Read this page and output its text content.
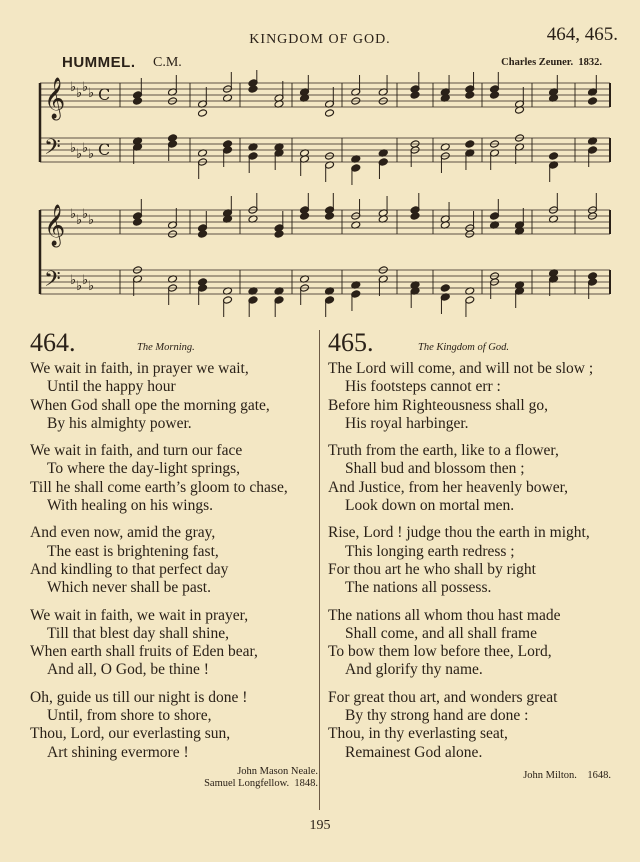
KINGDOM OF GOD.	464, 465.
HUMMEL. C.M.	Charles Zeuner. 1832.
𝄞 ♭ ♭ ♭ ♭ C
𝄢 ♭ ♭ ♭ ♭ C
𝄞 ♭ ♭ ♭ ♭
𝄢 ♭ ♭ ♭ ♭
464.	The Morning.
We wait in faith, in prayer we wait,
Until the happy hour
When God shall ope the morning gate,
By his almighty power.
We wait in faith, and turn our face
To where the day-light springs,
Till he shall come earth’s gloom to chase,
With healing on his wings.
And even now, amid the gray,
The east is brightening fast,
And kindling to that perfect day
Which never shall be past.
We wait in faith, we wait in prayer,
Till that blest day shall shine,
When earth shall fruits of Eden bear,
And all, O God, be thine !
Oh, guide us till our night is done !
Until, from shore to shore,
Thou, Lord, our everlasting sun,
Art shining evermore !
John Mason Neale.
Samuel Longfellow. 1848.
465.	The Kingdom of God.
The Lord will come, and will not be slow ;
His footsteps cannot err :
Before him Righteousness shall go,
His royal harbinger.
Truth from the earth, like to a flower,
Shall bud and blossom then ;
And Justice, from her heavenly bower,
Look down on mortal men.
Rise, Lord ! judge thou the earth in might,
This longing earth redress ;
For thou art he who shall by right
The nations all possess.
The nations all whom thou hast made
Shall come, and all shall frame
To bow them low before thee, Lord,
And glorify thy name.
For great thou art, and wonders great
By thy strong hand are done :
Thou, in thy everlasting seat,
Remainest God alone.
John Milton. 1648.
195
